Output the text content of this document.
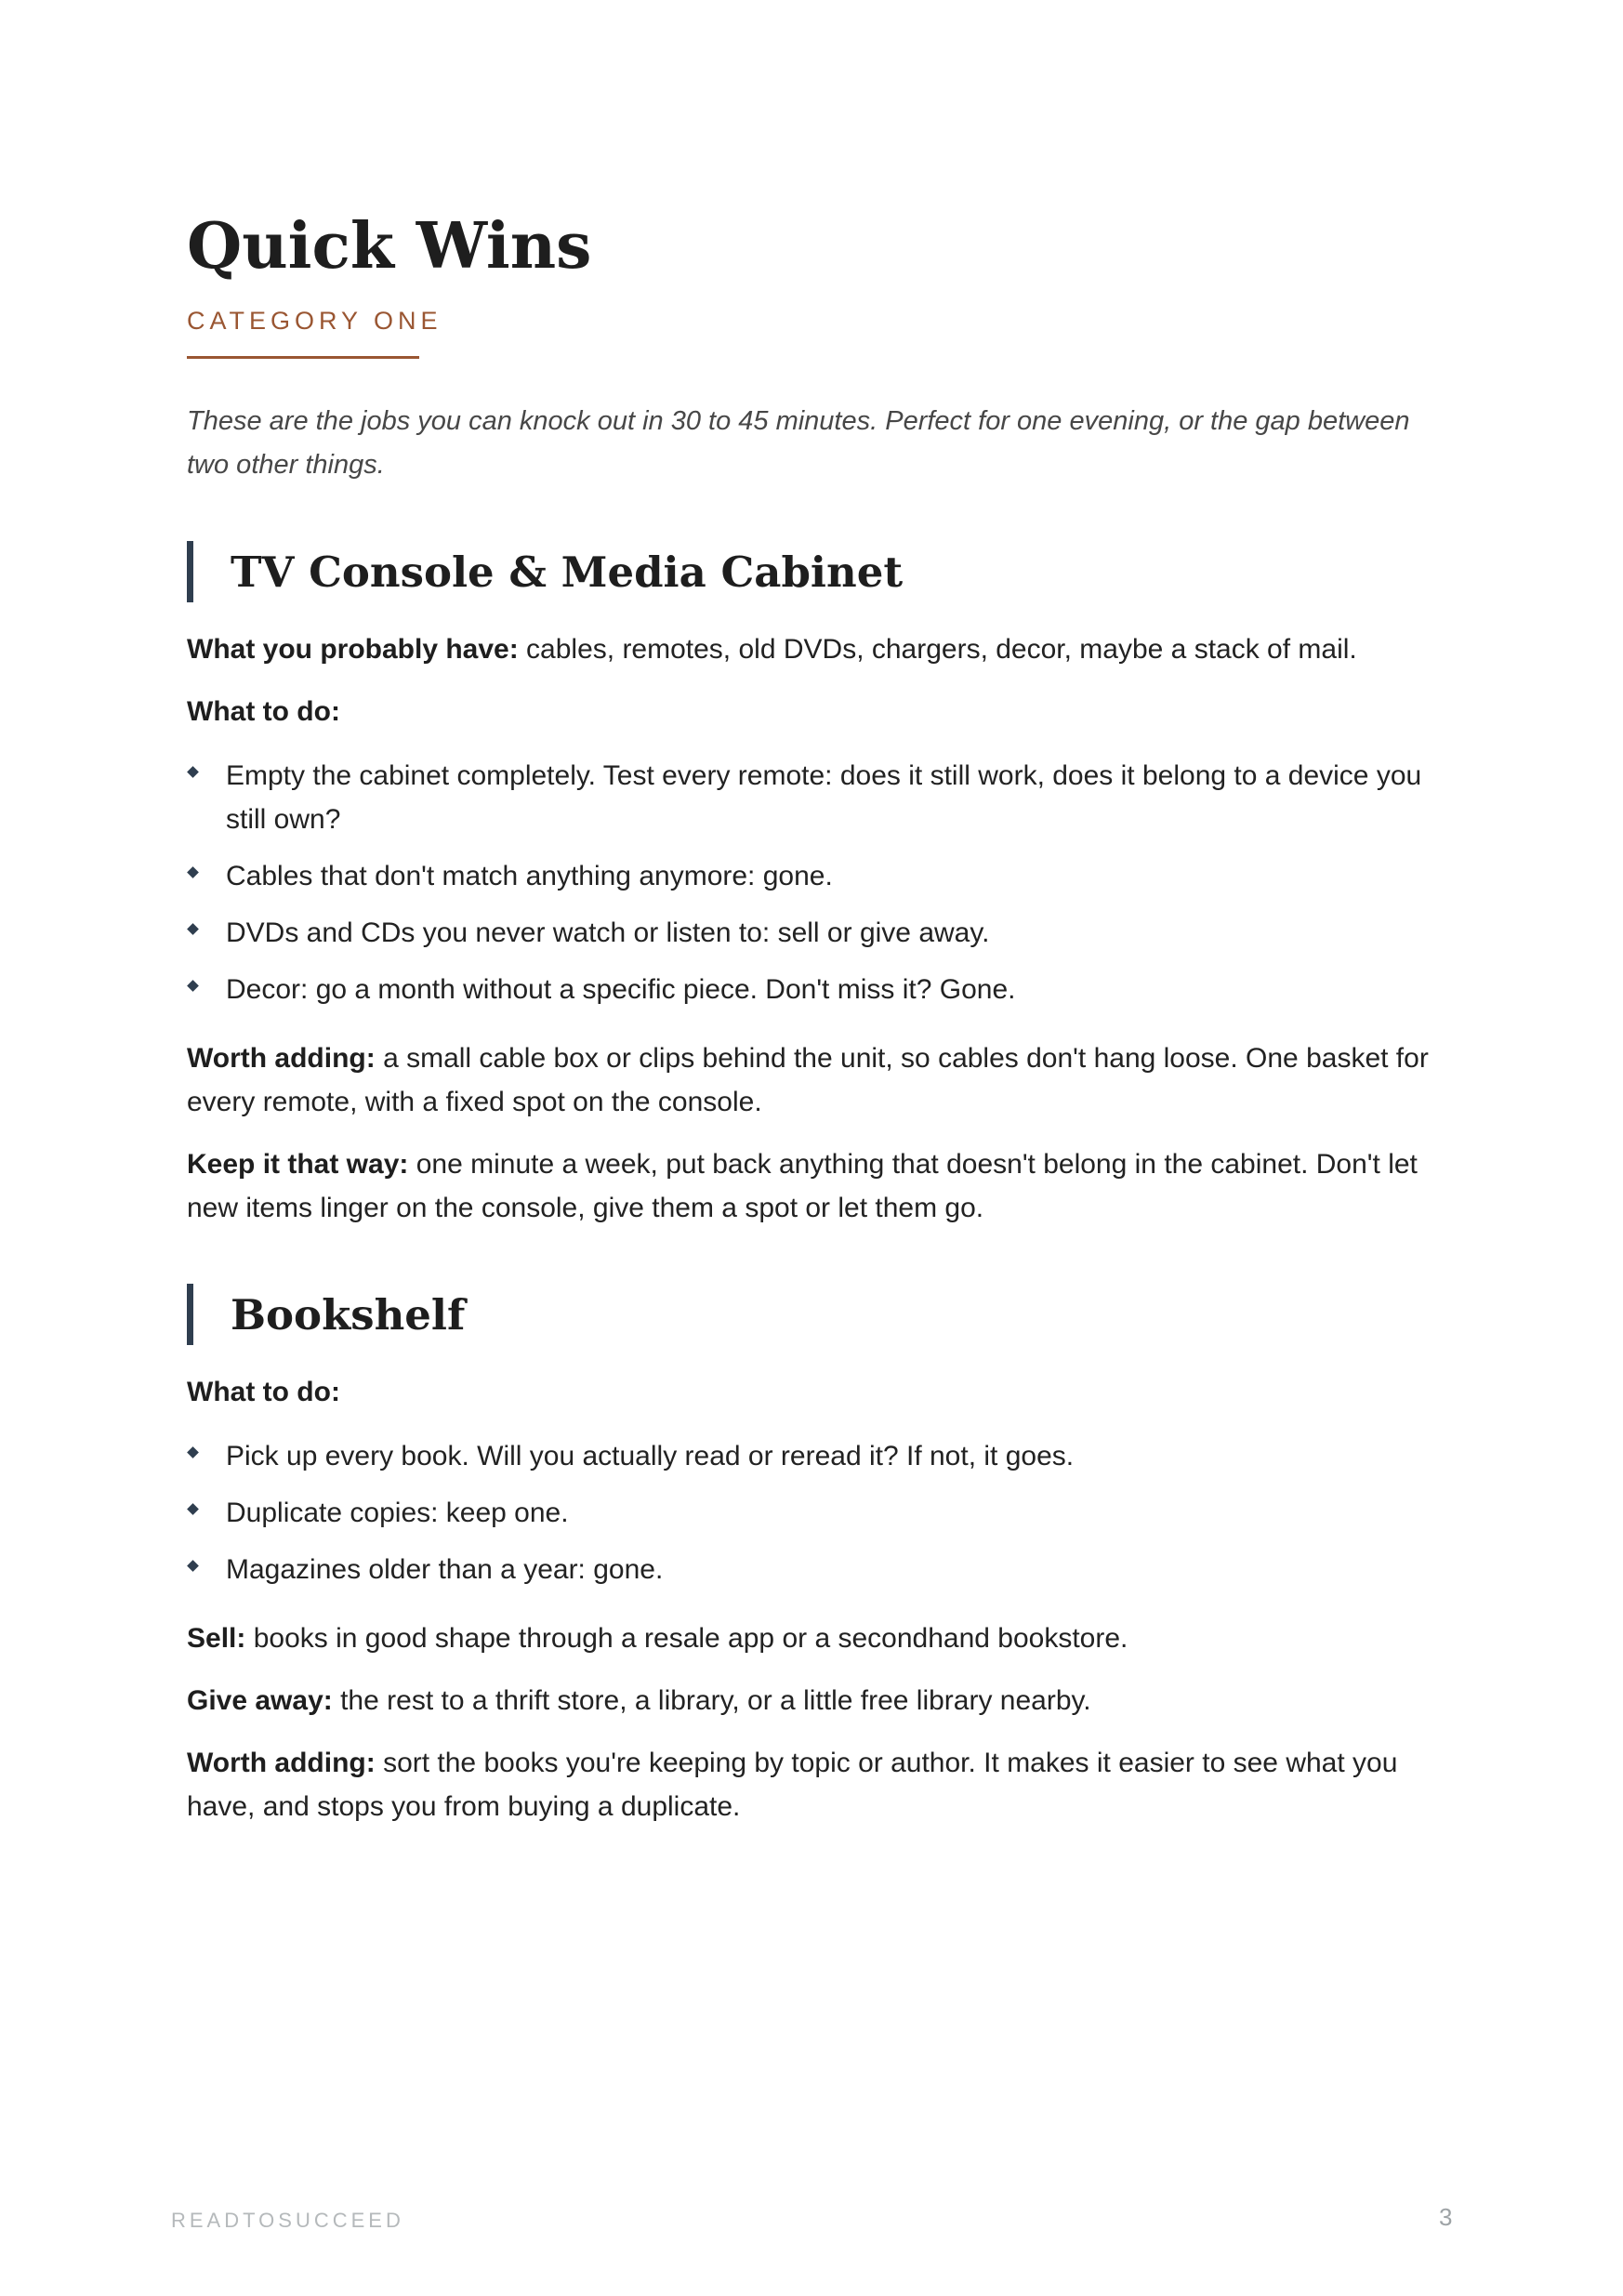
Quick Wins
CATEGORY ONE
These are the jobs you can knock out in 30 to 45 minutes. Perfect for one evening, or the gap between two other things.
TV Console & Media Cabinet
What you probably have: cables, remotes, old DVDs, chargers, decor, maybe a stack of mail.
What to do:
Empty the cabinet completely. Test every remote: does it still work, does it belong to a device you still own?
Cables that don't match anything anymore: gone.
DVDs and CDs you never watch or listen to: sell or give away.
Decor: go a month without a specific piece. Don't miss it? Gone.
Worth adding: a small cable box or clips behind the unit, so cables don't hang loose. One basket for every remote, with a fixed spot on the console.
Keep it that way: one minute a week, put back anything that doesn't belong in the cabinet. Don't let new items linger on the console, give them a spot or let them go.
Bookshelf
What to do:
Pick up every book. Will you actually read or reread it? If not, it goes.
Duplicate copies: keep one.
Magazines older than a year: gone.
Sell: books in good shape through a resale app or a secondhand bookstore.
Give away: the rest to a thrift store, a library, or a little free library nearby.
Worth adding: sort the books you're keeping by topic or author. It makes it easier to see what you have, and stops you from buying a duplicate.
READTOSUCCEED	3
